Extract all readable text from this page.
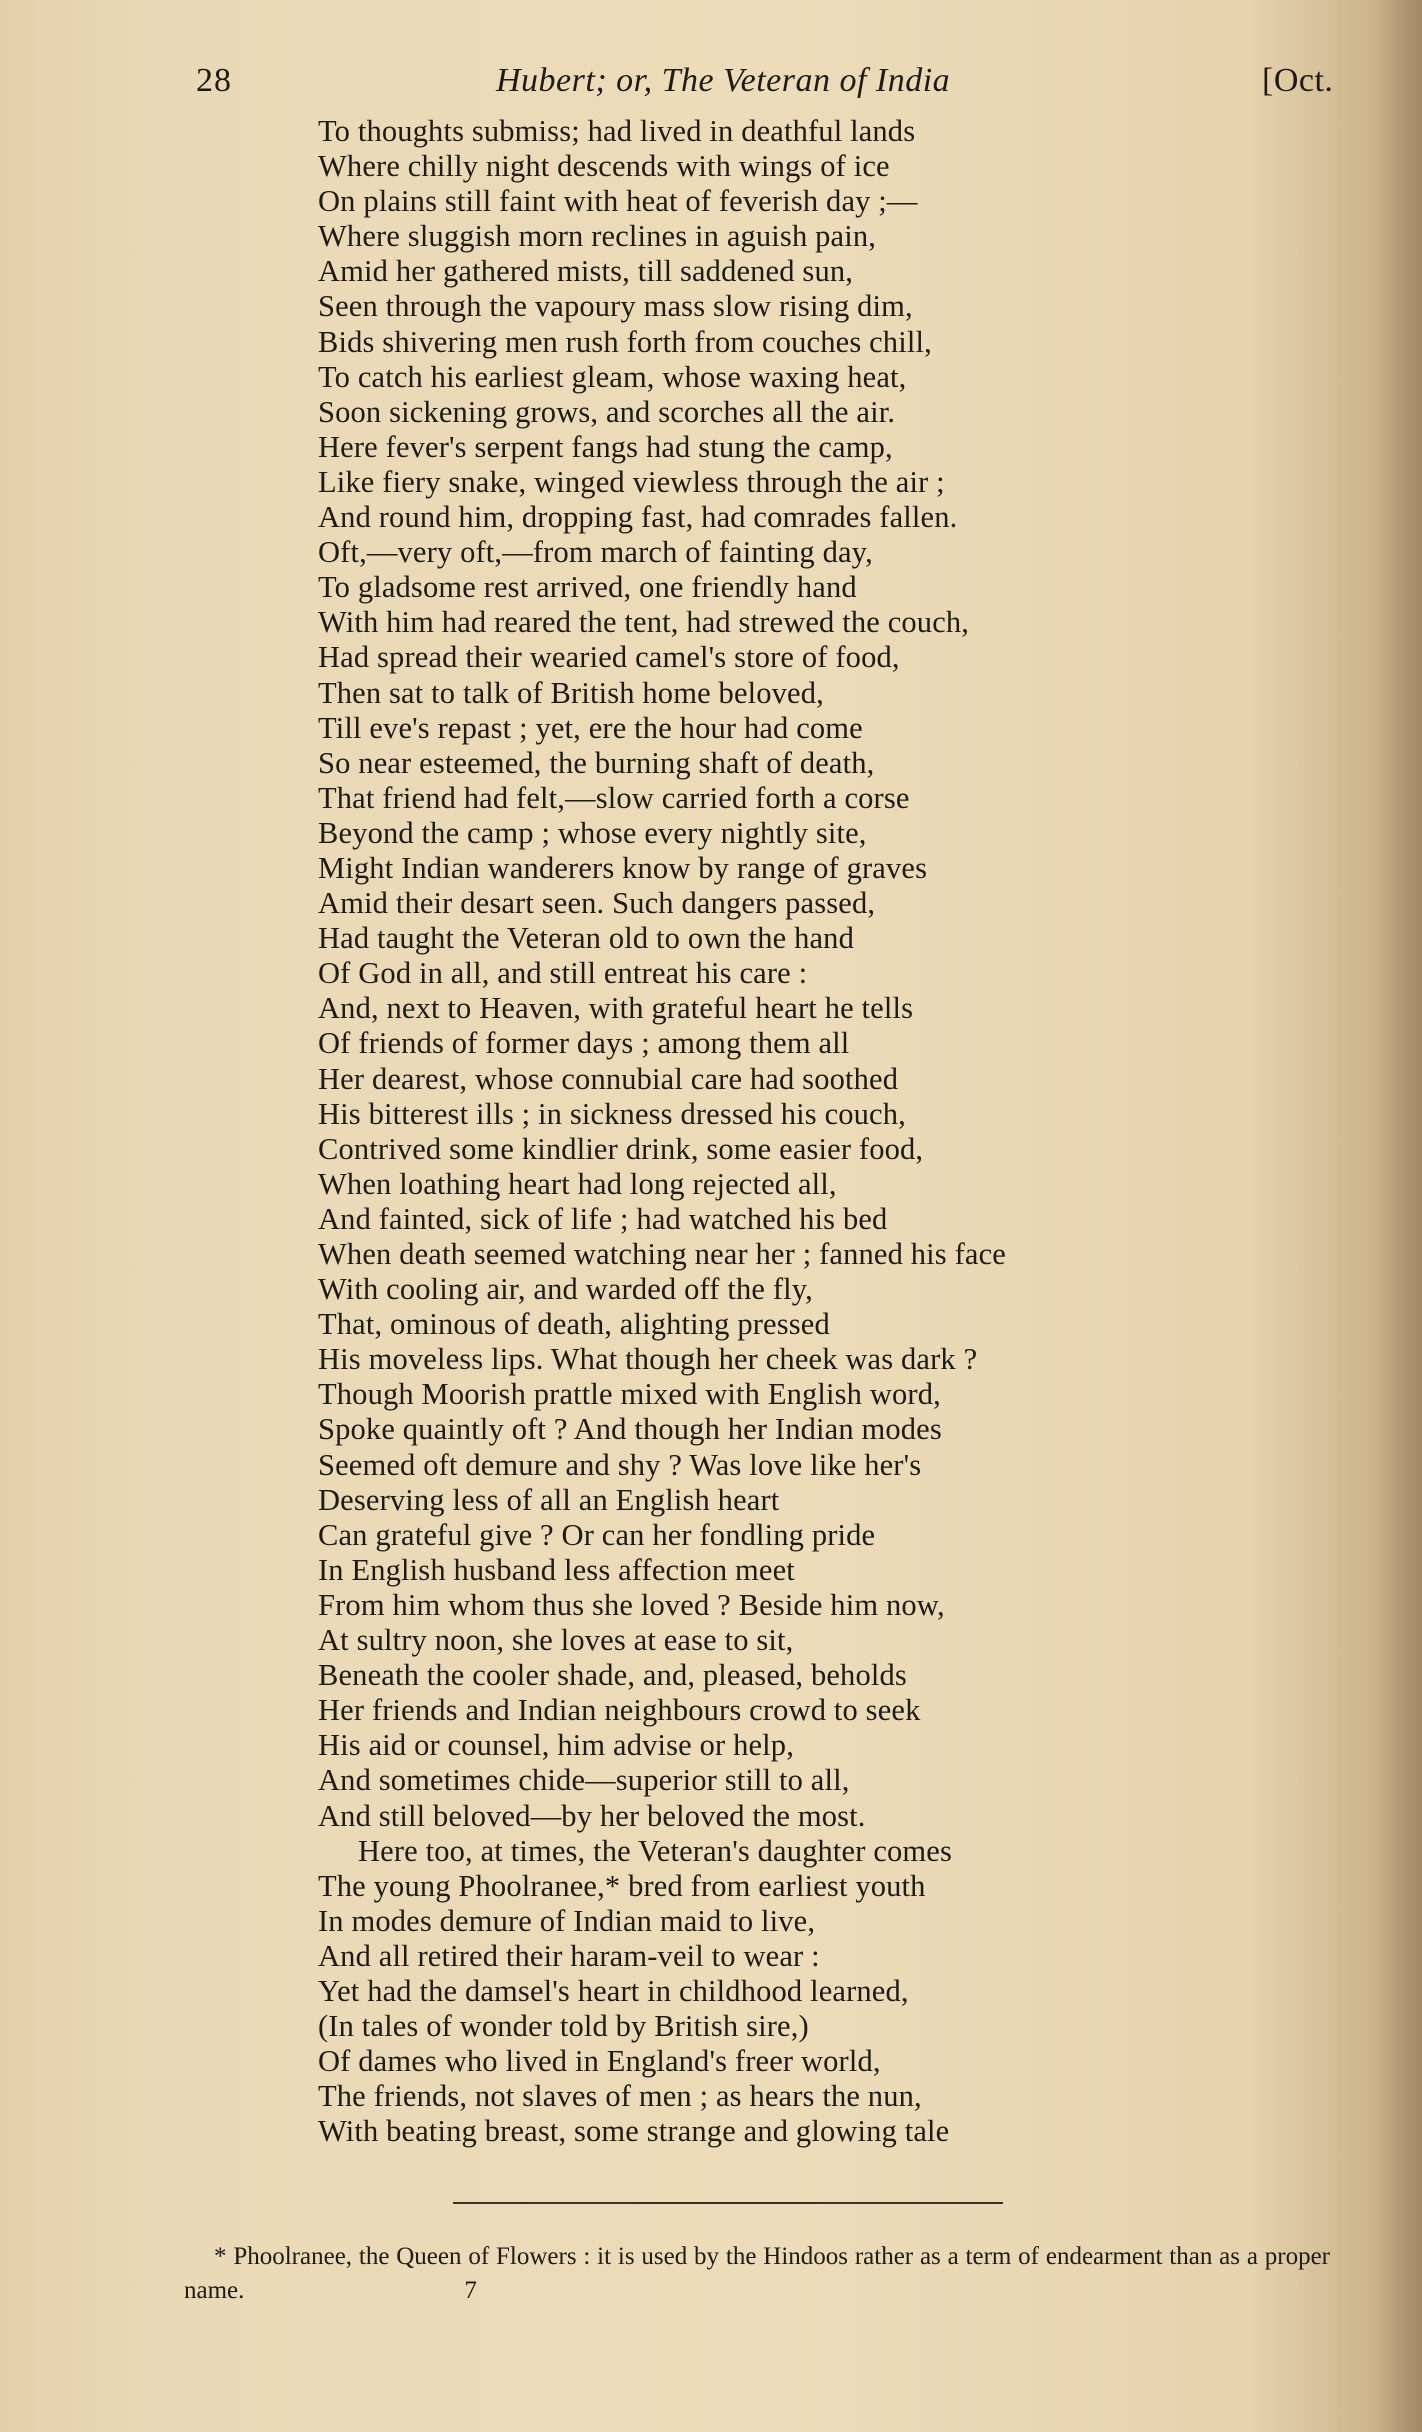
28	Hubert; or, The Veteran of India	[Oct.
To thoughts submiss; had lived in deathful lands
Where chilly night descends with wings of ice
On plains still faint with heat of feverish day ;—
Where sluggish morn reclines in aguish pain,
Amid her gathered mists, till saddened sun,
Seen through the vapoury mass slow rising dim,
Bids shivering men rush forth from couches chill,
To catch his earliest gleam, whose waxing heat,
Soon sickening grows, and scorches all the air.
Here fever's serpent fangs had stung the camp,
Like fiery snake, winged viewless through the air ;
And round him, dropping fast, had comrades fallen.
Oft,—very oft,—from march of fainting day,
To gladsome rest arrived, one friendly hand
With him had reared the tent, had strewed the couch,
Had spread their wearied camel's store of food,
Then sat to talk of British home beloved,
Till eve's repast ; yet, ere the hour had come
So near esteemed, the burning shaft of death,
That friend had felt,—slow carried forth a corse
Beyond the camp ; whose every nightly site,
Might Indian wanderers know by range of graves
Amid their desart seen. Such dangers passed,
Had taught the Veteran old to own the hand
Of God in all, and still entreat his care :
And, next to Heaven, with grateful heart he tells
Of friends of former days ; among them all
Her dearest, whose connubial care had soothed
His bitterest ills ; in sickness dressed his couch,
Contrived some kindlier drink, some easier food,
When loathing heart had long rejected all,
And fainted, sick of life ; had watched his bed
When death seemed watching near her ; fanned his face
With cooling air, and warded off the fly,
That, ominous of death, alighting pressed
His moveless lips. What though her cheek was dark ?
Though Moorish prattle mixed with English word,
Spoke quaintly oft ? And though her Indian modes
Seemed oft demure and shy ? Was love like her's
Deserving less of all an English heart
Can grateful give ? Or can her fondling pride
In English husband less affection meet
From him whom thus she loved ? Beside him now,
At sultry noon, she loves at ease to sit,
Beneath the cooler shade, and, pleased, beholds
Her friends and Indian neighbours crowd to seek
His aid or counsel, him advise or help,
And sometimes chide—superior still to all,
And still beloved—by her beloved the most.
Here too, at times, the Veteran's daughter comes
The young Phoolranee,* bred from earliest youth
In modes demure of Indian maid to live,
And all retired their haram-veil to wear :
Yet had the damsel's heart in childhood learned,
(In tales of wonder told by British sire,)
Of dames who lived in England's freer world,
The friends, not slaves of men ; as hears the nun,
With beating breast, some strange and glowing tale
* Phoolranee, the Queen of Flowers : it is used by the Hindoos rather as a term of endearment than as a proper name.	7
